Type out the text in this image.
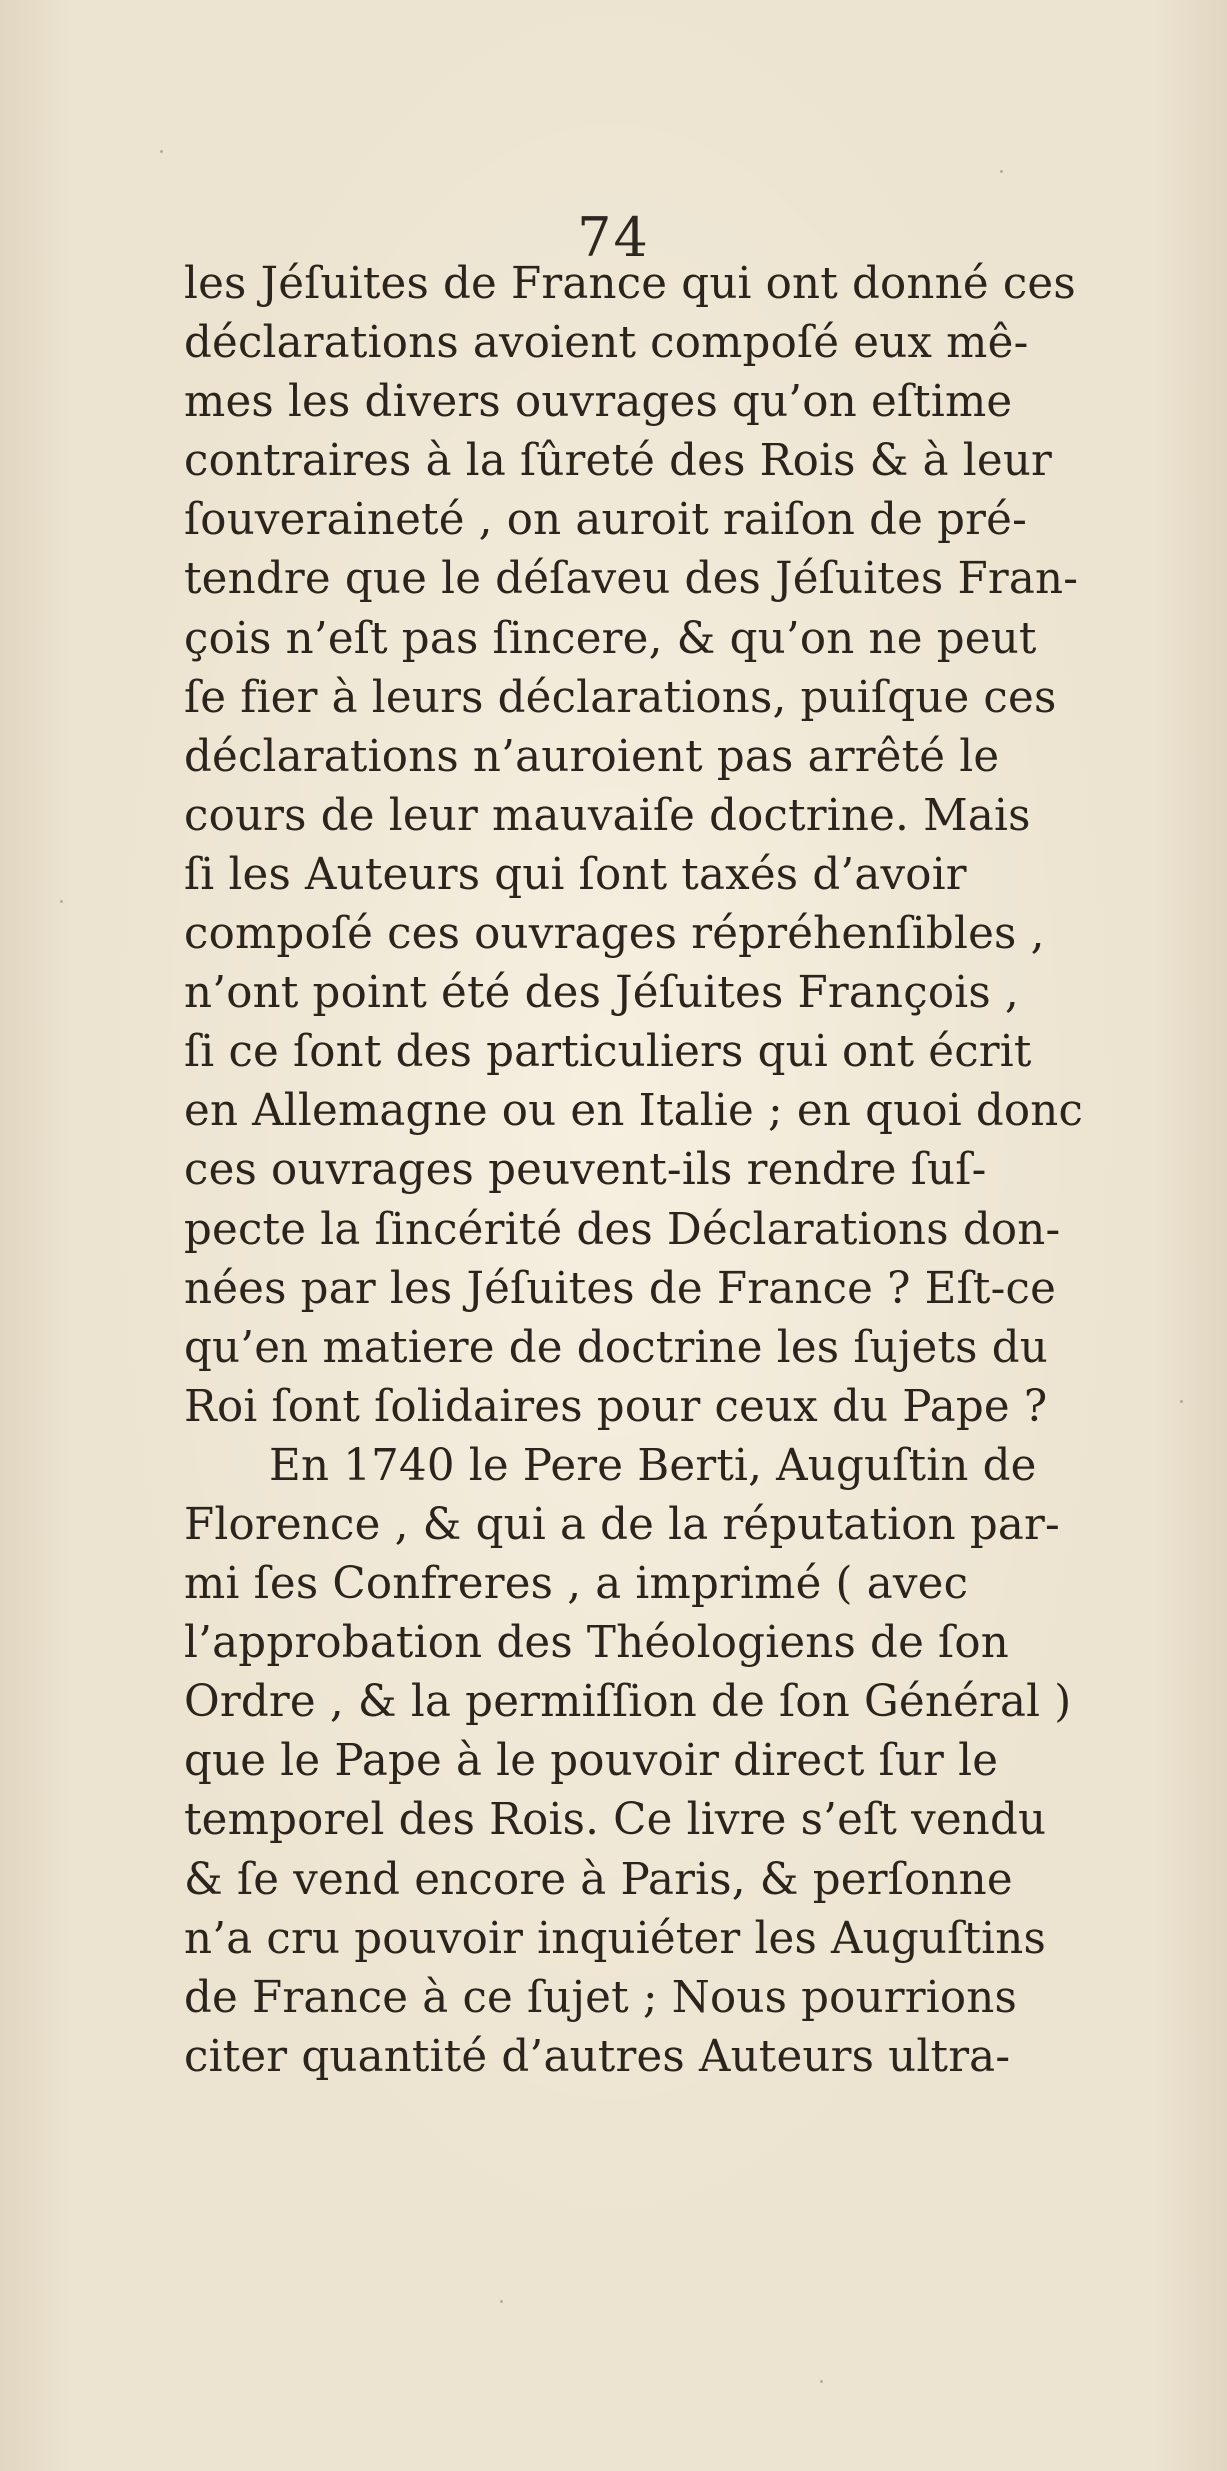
74
les Jéſuites de France qui ont donné ces
déclarations avoient compoſé eux mê-
mes les divers ouvrages qu’on eſtime
contraires à la ſûreté des Rois & à leur
ſouveraineté , on auroit raiſon de pré-
tendre que le déſaveu des Jéſuites Fran-
çois n’eſt pas ſincere, & qu’on ne peut
ſe fier à leurs déclarations, puiſque ces
déclarations n’auroient pas arrêté le
cours de leur mauvaiſe doctrine. Mais
ſi les Auteurs qui ſont taxés d’avoir
compoſé ces ouvrages répréhenſibles ,
n’ont point été des Jéſuites François ,
ſi ce ſont des particuliers qui ont écrit
en Allemagne ou en Italie ; en quoi donc
ces ouvrages peuvent-ils rendre ſuſ-
pecte la ſincérité des Déclarations don-
nées par les Jéſuites de France ? Eſt-ce
qu’en matiere de doctrine les ſujets du
Roi ſont ſolidaires pour ceux du Pape ?
En 1740 le Pere Berti, Auguſtin de
Florence , & qui a de la réputation par-
mi ſes Confreres , a imprimé ( avec
l’approbation des Théologiens de ſon
Ordre , & la permiſſion de ſon Général )
que le Pape à le pouvoir direct ſur le
temporel des Rois. Ce livre s’eſt vendu
& ſe vend encore à Paris, & perſonne
n’a cru pouvoir inquiéter les Auguſtins
de France à ce ſujet ; Nous pourrions
citer quantité d’autres Auteurs ultra-
